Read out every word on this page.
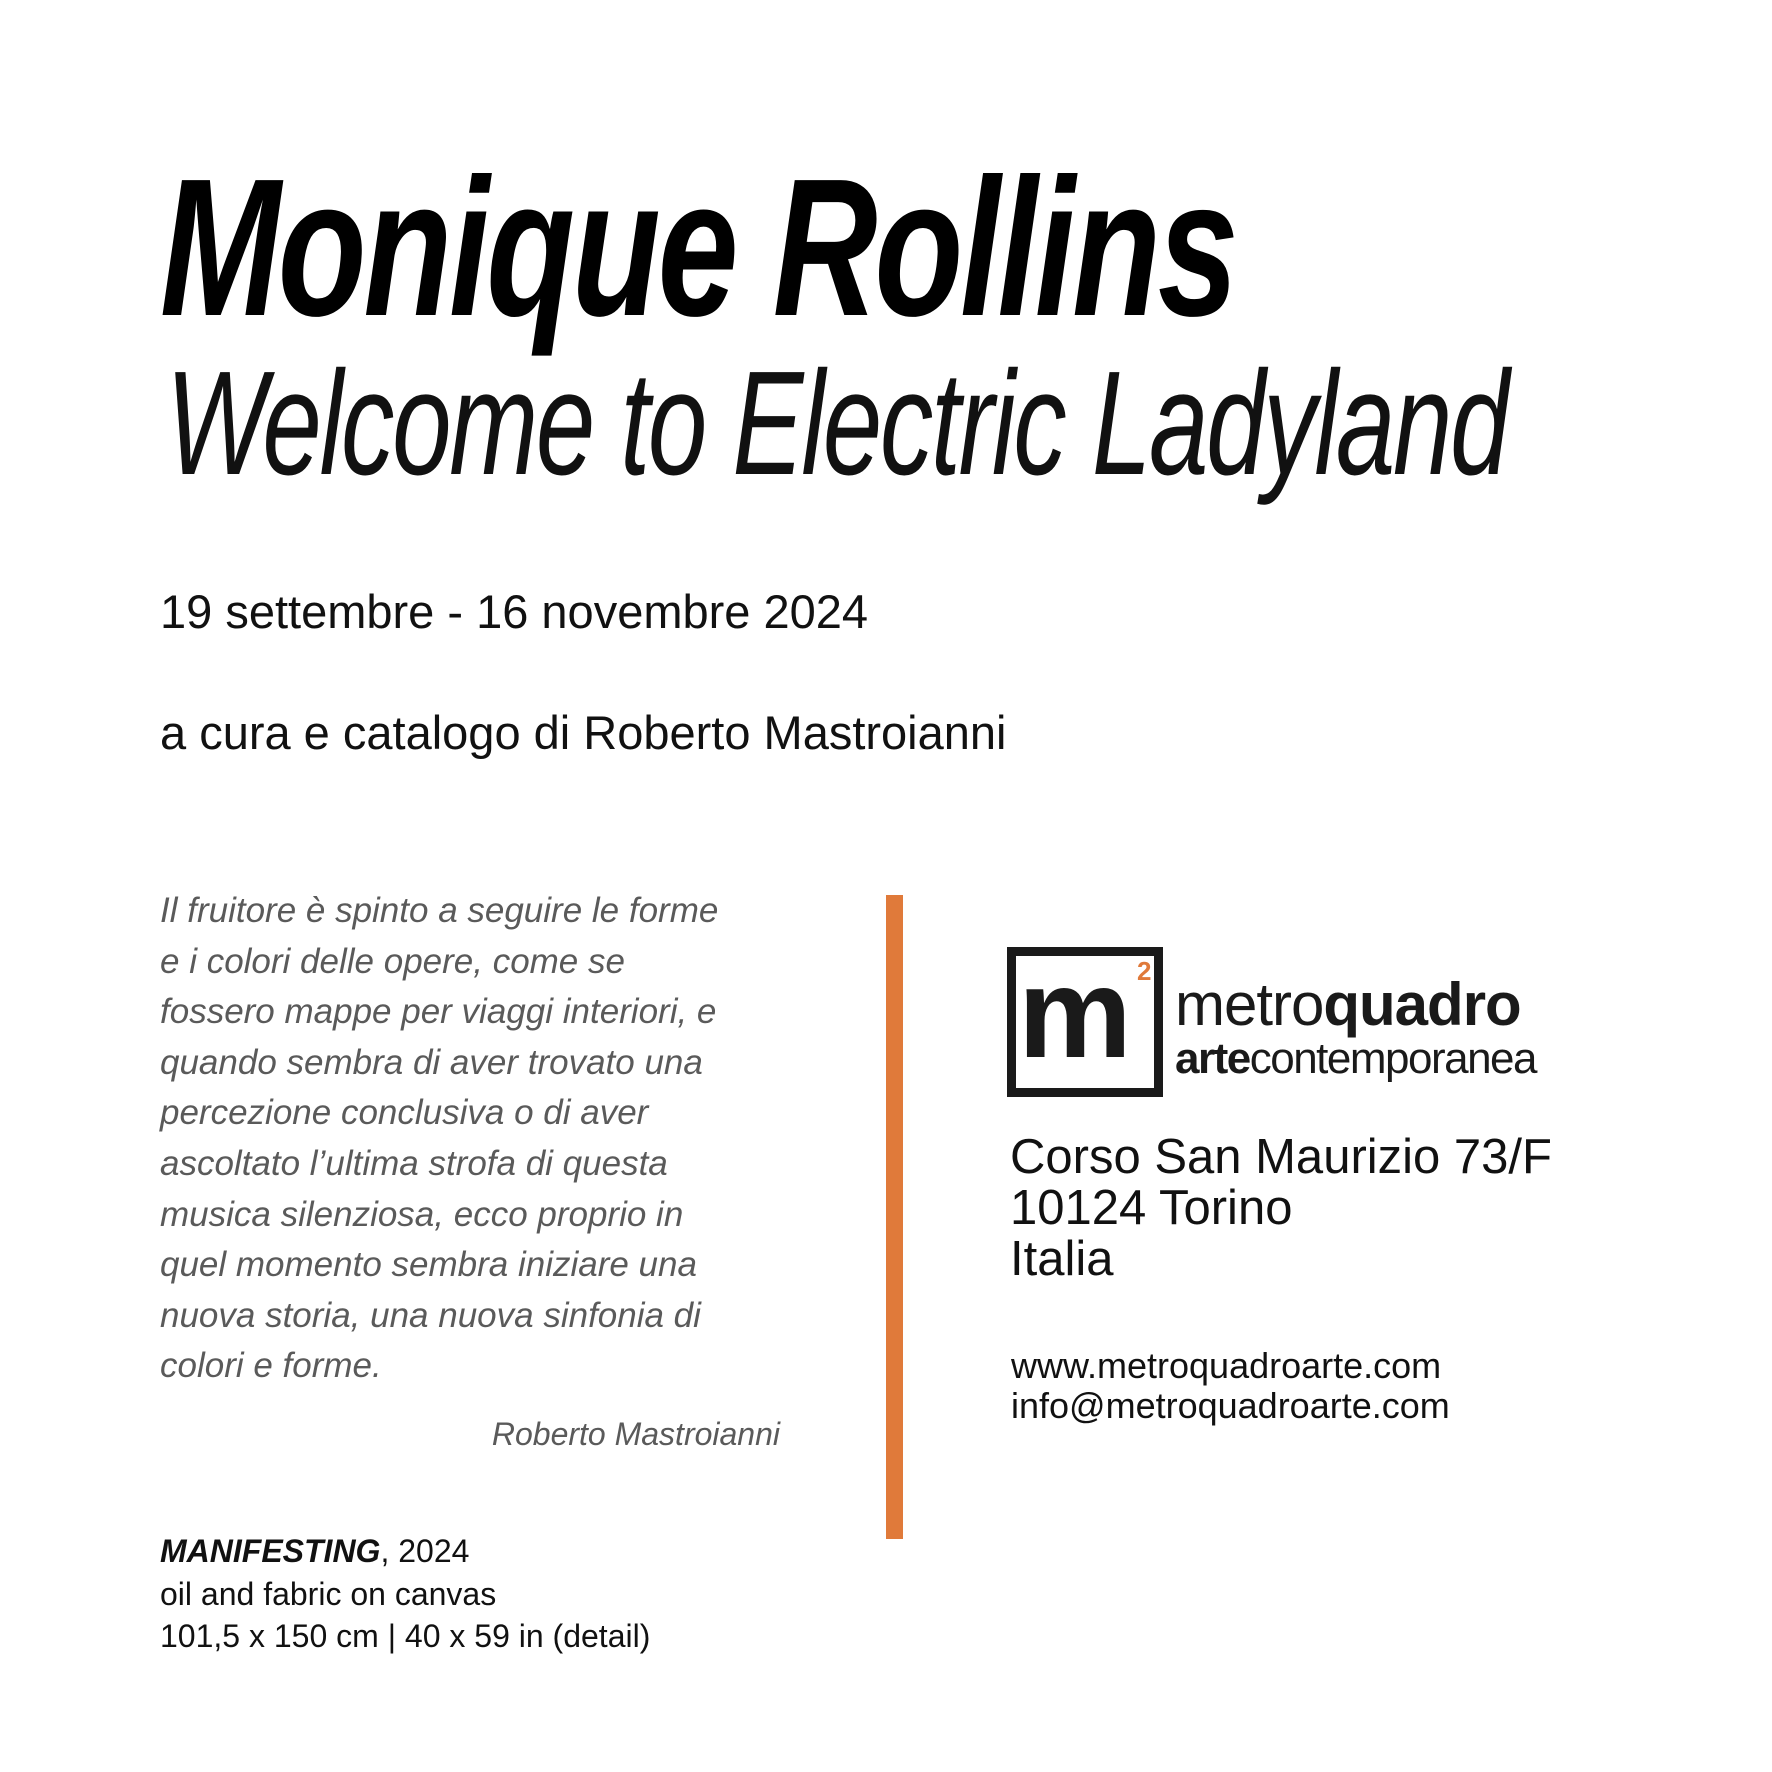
Monique Rollins
Welcome to Electric Ladyland
19 settembre - 16 novembre 2024
a cura e catalogo di Roberto Mastroianni
Il fruitore è spinto a seguire le forme
e i colori delle opere, come se
fossero mappe per viaggi interiori, e
quando sembra di aver trovato una
percezione conclusiva o di aver
ascoltato l’ultima strofa di questa
musica silenziosa, ecco proprio in
quel momento sembra iniziare una
nuova storia, una nuova sinfonia di
colori e forme.
Roberto Mastroianni
MANIFESTING, 2024
oil and fabric on canvas
101,5 x 150 cm | 40 x 59 in (detail)
m 2 metroquadro
artecontemporanea
Corso San Maurizio 73/F
10124 Torino
Italia
www.metroquadroarte.com
info@metroquadroarte.com
